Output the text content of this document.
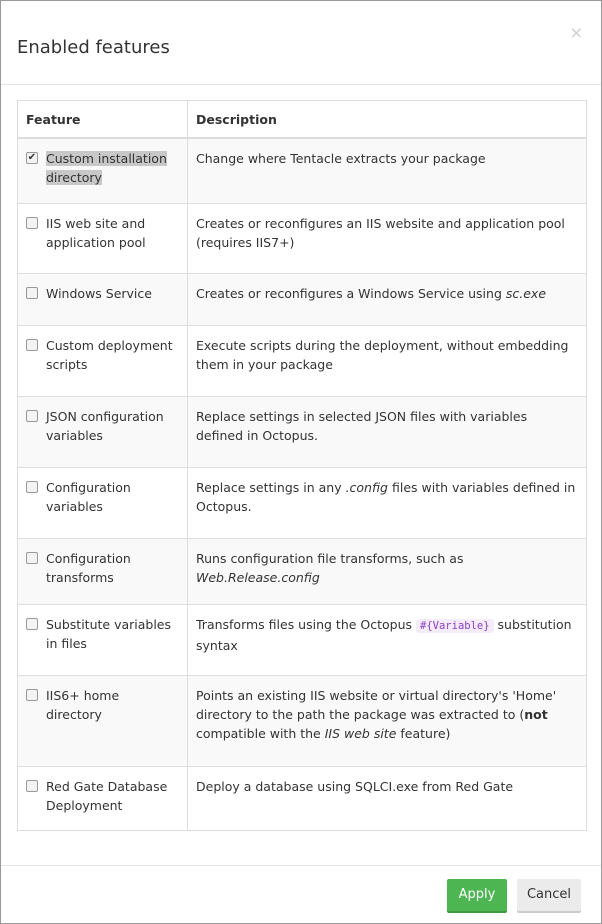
Enabled features
×
Feature	Description

✔ Custom installation directory	Change where Tentacle extracts your package

IIS web site and application pool	Creates or reconfigures an IIS website and application pool (requires IIS7+)

Windows Service	Creates or reconfigures a Windows Service using sc.exe

Custom deployment scripts	Execute scripts during the deployment, without embedding them in your package

JSON configuration variables	Replace settings in selected JSON files with variables defined in Octopus.

Configuration variables	Replace settings in any .config files with variables defined in Octopus.

Configuration transforms	Runs configuration file transforms, such as Web.Release.config

Substitute variables in files	Transforms files using the Octopus #{Variable} substitution syntax

IIS6+ home directory	Points an existing IIS website or virtual directory's 'Home' directory to the path the package was extracted to (not compatible with the IIS web site feature)

Red Gate Database Deployment	Deploy a database using SQLCI.exe from Red Gate
Apply	Cancel
